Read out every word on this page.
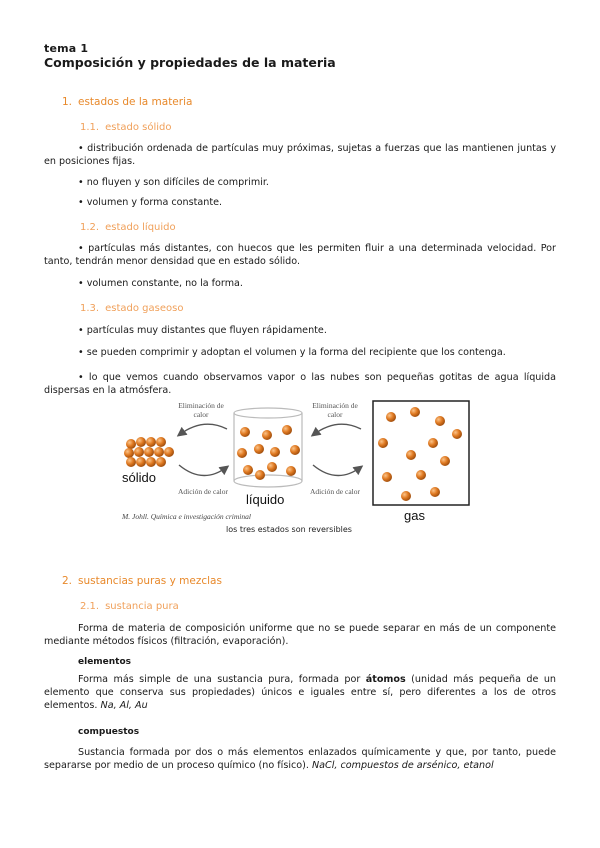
tema 1
Composición y propiedades de la materia
1. estados de la materia
1.1. estado sólido
• distribución ordenada de partículas muy próximas, sujetas a fuerzas que las mantienen juntas y en posiciones fijas.
• no fluyen y son difíciles de comprimir.
• volumen y forma constante.
1.2. estado líquido
• partículas más distantes, con huecos que les permiten fluir a una determinada velocidad. Por tanto, tendrán menor densidad que en estado sólido.
• volumen constante, no la forma.
1.3. estado gaseoso
• partículas muy distantes que fluyen rápidamente.
• se pueden comprimir y adoptan el volumen y la forma del recipiente que los contenga.
• lo que vemos cuando observamos vapor o las nubes son pequeñas gotitas de agua líquida dispersas en la atmósfera.
Eliminación de calor
Eliminación de calor
Adición de calor	Adición de calor
sólido
líquido
gas
M. Johll. Química e investigación criminal
los tres estados son reversibles
2. sustancias puras y mezclas
2.1. sustancia pura
Forma de materia de composición uniforme que no se puede separar en más de un componente mediante métodos físicos (filtración, evaporación).
elementos
Forma más simple de una sustancia pura, formada por átomos (unidad más pequeña de un elemento que conserva sus propiedades) únicos e iguales entre sí, pero diferentes a los de otros elementos. Na, Al, Au
compuestos
Sustancia formada por dos o más elementos enlazados químicamente y que, por tanto, puede separarse por medio de un proceso químico (no físico). NaCl, compuestos de arsénico, etanol
